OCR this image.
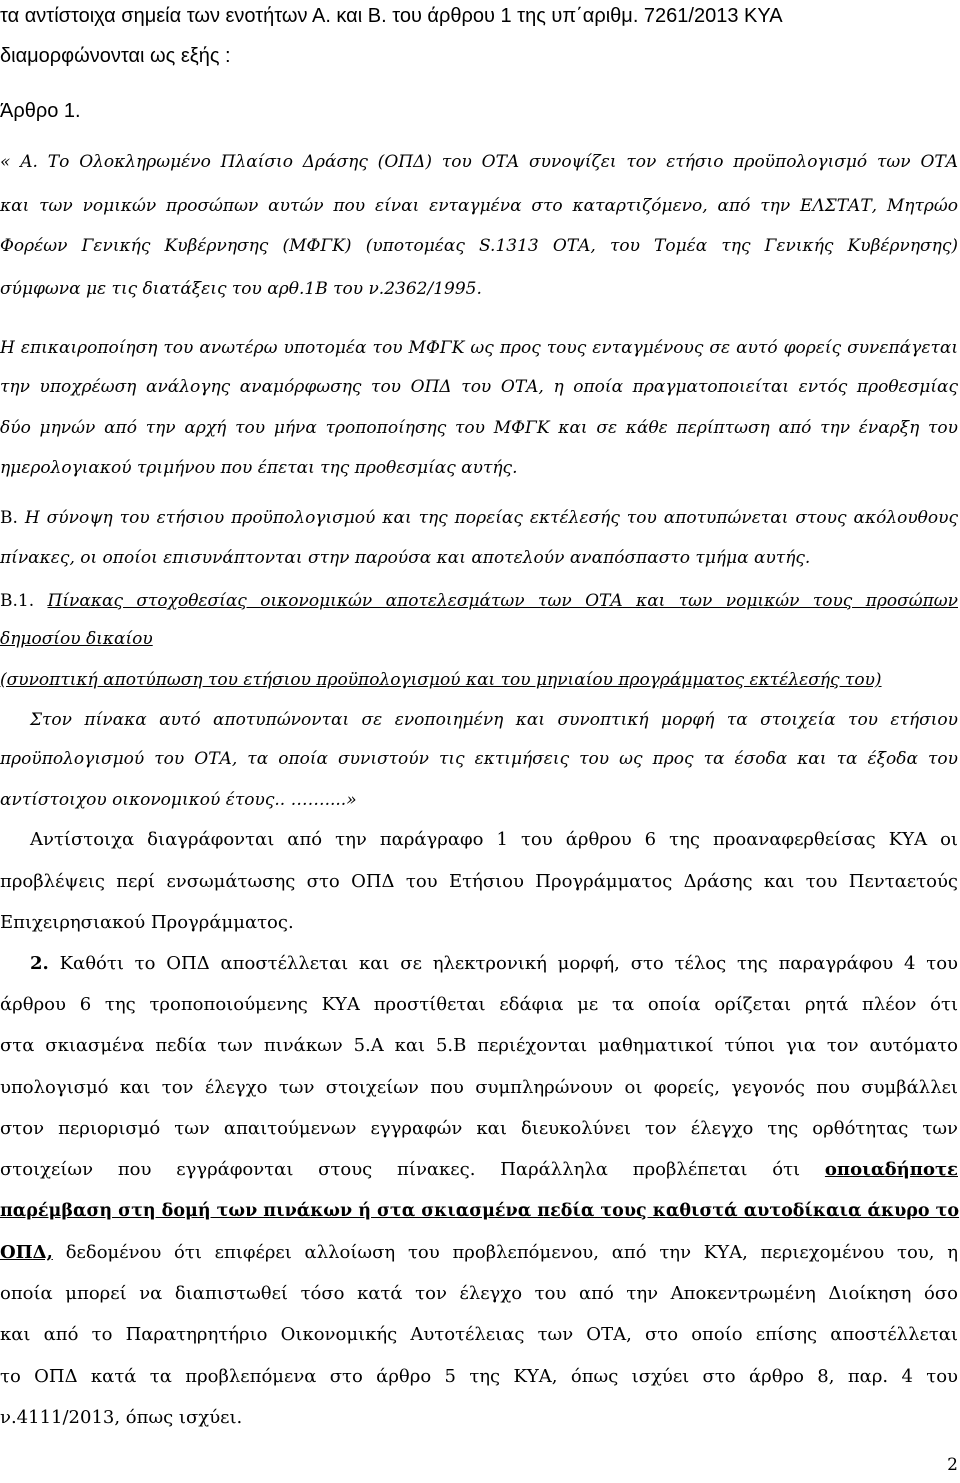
τα αντίστοιχα σημεία των ενοτήτων Α. και Β. του άρθρου 1 της υπ΄αριθμ. 7261/2013 ΚΥΑ

διαμορφώνονται ως εξής :

Άρθρο 1.

« Α. Το Ολοκληρωμένο Πλαίσιο Δράσης (ΟΠΔ) του ΟΤΑ συνοψίζει τον ετήσιο προϋπολογισμό των ΟΤΑ

και των νομικών προσώπων αυτών που είναι ενταγμένα στο καταρτιζόμενο, από την ΕΛΣΤΑΤ, Μητρώο

Φορέων Γενικής Κυβέρνησης (ΜΦΓΚ) (υποτομέας S.1313 ΟΤΑ, του Τομέα της Γενικής Κυβέρνησης)

σύμφωνα με τις διατάξεις του αρθ.1Β του ν.2362/1995.

Η επικαιροποίηση του ανωτέρω υποτομέα του ΜΦΓΚ ως προς τους ενταγμένους σε αυτό φορείς συνεπάγεται

την υποχρέωση ανάλογης αναμόρφωσης του ΟΠΔ του ΟΤΑ, η οποία πραγματοποιείται εντός προθεσμίας

δύο μηνών από την αρχή του μήνα τροποποίησης του ΜΦΓΚ και σε κάθε περίπτωση από την έναρξη του

ημερολογιακού τριμήνου που έπεται της προθεσμίας αυτής.

Β. Η σύνοψη του ετήσιου προϋπολογισμού και της πορείας εκτέλεσής του αποτυπώνεται στους ακόλουθους

πίνακες, οι οποίοι επισυνάπτονται στην παρούσα και αποτελούν αναπόσπαστο τμήμα αυτής.

Β.1. Πίνακας στοχοθεσίας οικονομικών αποτελεσμάτων των ΟΤΑ και των νομικών τους προσώπων

δημοσίου δικαίου

(συνοπτική αποτύπωση του ετήσιου προϋπολογισμού και του μηνιαίου προγράμματος εκτέλεσής του)

Στον πίνακα αυτό αποτυπώνονται σε ενοποιημένη και συνοπτική μορφή τα στοιχεία του ετήσιου

προϋπολογισμού του ΟΤΑ, τα οποία συνιστούν τις εκτιμήσεις του ως προς τα έσοδα και τα έξοδα του

αντίστοιχου οικονομικού έτους.. ……....»

Αντίστοιχα διαγράφονται από την παράγραφο 1 του άρθρου 6 της προαναφερθείσας ΚΥΑ οι

προβλέψεις περί ενσωμάτωσης στο ΟΠΔ του Ετήσιου Προγράμματος Δράσης και του Πενταετούς

Επιχειρησιακού Προγράμματος.

2. Καθότι το ΟΠΔ αποστέλλεται και σε ηλεκτρονική μορφή, στο τέλος της παραγράφου 4 του

άρθρου 6 της τροποποιούμενης ΚΥΑ προστίθεται εδάφια με τα οποία ορίζεται ρητά πλέον ότι

στα σκιασμένα πεδία των πινάκων 5.Α και 5.Β περιέχονται μαθηματικοί τύποι για τον αυτόματο

υπολογισμό και τον έλεγχο των στοιχείων που συμπληρώνουν οι φορείς, γεγονός που συμβάλλει

στον περιορισμό των απαιτούμενων εγγραφών και διευκολύνει τον έλεγχο της ορθότητας των

στοιχείων που εγγράφονται στους πίνακες. Παράλληλα προβλέπεται ότι οποιαδήποτε

παρέμβαση στη δομή των πινάκων ή στα σκιασμένα πεδία τους καθιστά αυτοδίκαια άκυρο το

ΟΠΔ, δεδομένου ότι επιφέρει αλλοίωση του προβλεπόμενου, από την ΚΥΑ, περιεχομένου του, η

οποία μπορεί να διαπιστωθεί τόσο κατά τον έλεγχο του από την Αποκεντρωμένη Διοίκηση όσο

και από το Παρατηρητήριο Οικονομικής Αυτοτέλειας των ΟΤΑ, στο οποίο επίσης αποστέλλεται

το ΟΠΔ κατά τα προβλεπόμενα στο άρθρο 5 της ΚΥΑ, όπως ισχύει στο άρθρο 8, παρ. 4 του

ν.4111/2013, όπως ισχύει.

2
